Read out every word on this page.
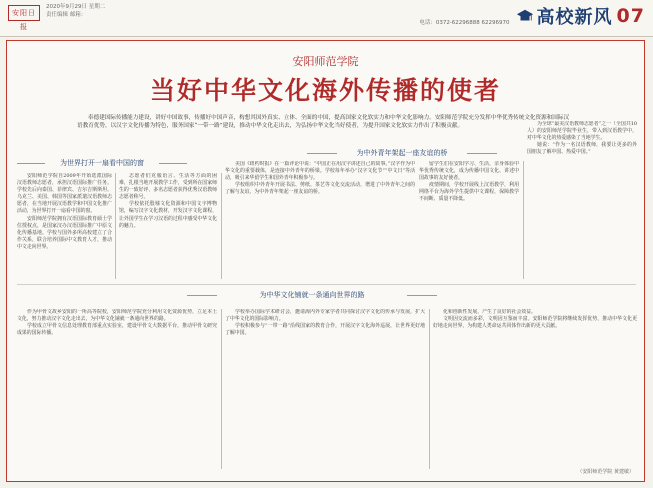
安阳日报
2020年9月29日 星期二
责任编辑 邮箱：
电话：0372-62296888 62296970 高校新风 07
安阳师范学院
当好中华文化海外传播的使者
奉德建国际传播能力建设，讲好中国故事，传播好中国声音，构想其国外真实、立体、全面的中国，提高国家文化软实力和中华文化影响力。安阳师范学院充分发挥中华优秀传统文化资源和国际汉语教育优势，以汉字文化传播为特色，服务国家“一带一路”建设，推动中华文化走出去，为弘扬中华文化当好使者，为提升国家文化软实力作出了积极贡献。
为世界打开一扇看中国的窗
为中外青年架起一座友谊的桥

安阳师范学院自2009年开始选派国际汉语教师志愿者，承担汉语国际推广任务。学校先后向泰国、菲律宾、吉尔吉斯斯坦、乌克兰、美国、韩国等国家派遣汉语教师志愿者，在当地开展汉语教学和中国文化推广活动，为世界打开一扇看中国的窗。

安阳师范学院拥有汉语国际教育硕士学位授权点，是国家汉办汉语国际推广中原文化传播基地。学校与国外多所高校建立了合作关系，联合培养国际中文教育人才，推动中文走向世界。

志愿者们克服语言、生活等方面的困难，扎根当地开展教学工作，受到所在国家师生的一致好评，多名志愿者获得优秀汉语教师志愿者称号。

学校依托殷墟文化资源和中国文字博物馆，编写汉字文化教材，开发汉字文化课程，让外国学生在学习汉语的过程中感受中华文化的魅力。

美国《纽约时报》在一篇评论中说：“中国正在用汉字讲述自己的故事。”汉字作为中华文化的重要载体，是连接中外青年的桥梁。学校每年举办“汉字文化节”“中文日”等活动，吸引来华留学生和国外青年积极参与。

学校组织中外青年开展书法、剪纸、茶艺等文化交流活动，增进了中外青年之间的了解与友谊，为中外青年架起一座友谊的桥。

留学生们在安阳学习、生活，亲身体验中华优秀传统文化，成为传播中国文化、讲述中国故事的友好使者。

疫情期间，学校开展线上汉语教学，利用网络平台为海外学生提供中文课程，保障教学不间断、质量不降低。

为全球“最美汉语教师志愿者”之一（全国共10人）的安阳师范学院毕业生，带入到汉语教学中，对中华文化的热爱感染了当地学生。

她说：“作为一名汉语教师，我要让更多的外国朋友了解中国、热爱中国。”

为中华文化铺就一条通向世界的路

作为甲骨文故乡安阳的一所高等院校，安阳师范学院充分利用文化资源优势，立足本土文化，努力推动汉字文化走出去，为中华文化铺就一条通向世界的路。

学校成立甲骨文信息处理教育部重点实验室，建设甲骨文大数据平台，推动甲骨文研究成果的国际传播。

学校举办国际学术研讨会，邀请海内外专家学者共同探讨汉字文化的传承与发展，扩大了中华文化的国际影响力。

学校积极参与“一带一路”沿线国家的教育合作，开展汉字文化海外巡展，让世界更好地了解中国。

化和创新性发展，产生了良好的社会效益。

文明因交流而多彩，文明因互鉴而丰富。安阳师范学院将继续发挥优势，推动中华文化更好地走向世界，为构建人类命运共同体作出新的更大贡献。

（安阳师范学院 黄建敏）
